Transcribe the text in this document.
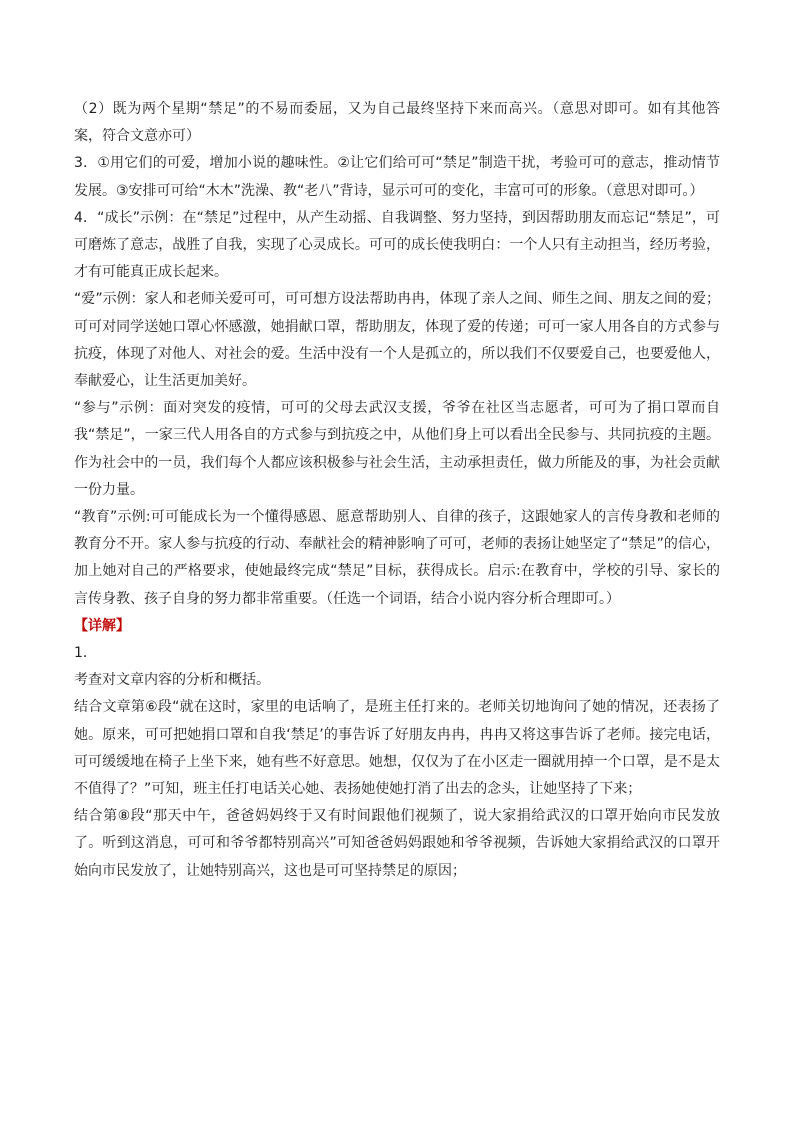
（2）既为两个星期“禁足”的不易而委屈，又为自己最终坚持下来而高兴。（意思对即可。如有其他答案，符合文意亦可）

3．①用它们的可爱，增加小说的趣味性。②让它们给可可“禁足”制造干扰，考验可可的意志，推动情节发展。③安排可可给“木木”洗澡、教“老八”背诗，显示可可的变化，丰富可可的形象。（意思对即可。）

4．“成长”示例：在“禁足”过程中，从产生动摇、自我调整、努力坚持，到因帮助朋友而忘记“禁足”，可可磨炼了意志，战胜了自我，实现了心灵成长。可可的成长使我明白：一个人只有主动担当，经历考验，才有可能真正成长起来。

“爱”示例：家人和老师关爱可可，可可想方设法帮助冉冉，体现了亲人之间、师生之间、朋友之间的爱；可可对同学送她口罩心怀感激，她捐献口罩，帮助朋友，体现了爱的传递；可可一家人用各自的方式参与抗疫，体现了对他人、对社会的爱。生活中没有一个人是孤立的，所以我们不仅要爱自己，也要爱他人，奉献爱心，让生活更加美好。

“参与”示例：面对突发的疫情，可可的父母去武汉支援，爷爷在社区当志愿者，可可为了捐口罩而自我“禁足”，一家三代人用各自的方式参与到抗疫之中，从他们身上可以看出全民参与、共同抗疫的主题。作为社会中的一员，我们每个人都应该积极参与社会生活，主动承担责任，做力所能及的事，为社会贡献一份力量。

“教育”示例:可可能成长为一个懂得感恩、愿意帮助别人、自律的孩子，这跟她家人的言传身教和老师的教育分不开。家人参与抗疫的行动、奉献社会的精神影响了可可，老师的表扬让她坚定了“禁足”的信心，加上她对自己的严格要求，使她最终完成“禁足”目标，获得成长。启示:在教育中，学校的引导、家长的言传身教、孩子自身的努力都非常重要。（任选一个词语，结合小说内容分析合理即可。）

【详解】

1．

考查对文章内容的分析和概括。

结合文章第⑥段“就在这时，家里的电话响了，是班主任打来的。老师关切地询问了她的情况，还表扬了她。原来，可可把她捐口罩和自我‘禁足’的事告诉了好朋友冉冉，冉冉又将这事告诉了老师。接完电话，可可缓缓地在椅子上坐下来，她有些不好意思。她想，仅仅为了在小区走一圈就用掉一个口罩，是不是太不值得了？”可知，班主任打电话关心她、表扬她使她打消了出去的念头，让她坚持了下来；

结合第⑧段“那天中午，爸爸妈妈终于又有时间跟他们视频了，说大家捐给武汉的口罩开始向市民发放了。听到这消息，可可和爷爷都特别高兴”可知爸爸妈妈跟她和爷爷视频，告诉她大家捐给武汉的口罩开始向市民发放了，让她特别高兴，这也是可可坚持禁足的原因；
